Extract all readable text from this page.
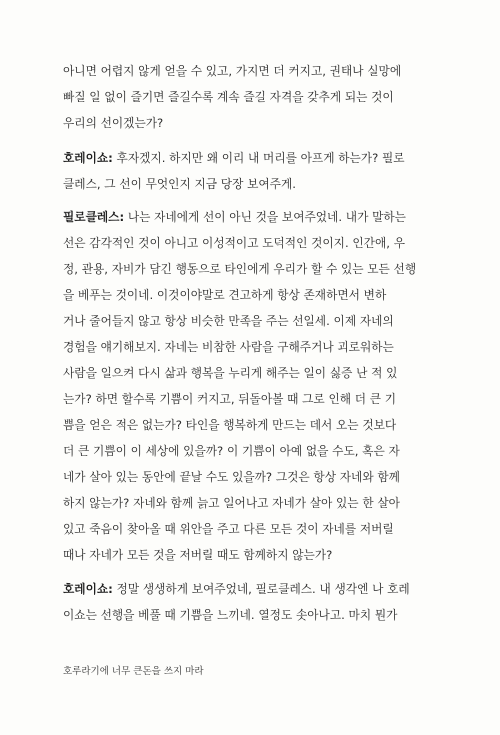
아니면 어렵지 않게 얻을 수 있고, 가지면 더 커지고, 권태나 실망에
빠질 일 없이 즐기면 즐길수록 계속 즐길 자격을 갖추게 되는 것이
우리의 선이겠는가?
호레이쇼: 후자겠지. 하지만 왜 이리 내 머리를 아프게 하는가? 필로
클레스, 그 선이 무엇인지 지금 당장 보여주게.
필로클레스: 나는 자네에게 선이 아닌 것을 보여주었네. 내가 말하는
선은 감각적인 것이 아니고 이성적이고 도덕적인 것이지. 인간애, 우
정, 관용, 자비가 담긴 행동으로 타인에게 우리가 할 수 있는 모든 선행
을 베푸는 것이네. 이것이야말로 견고하게 항상 존재하면서 변하
거나 줄어들지 않고 항상 비슷한 만족을 주는 선일세. 이제 자네의
경험을 얘기해보지. 자네는 비참한 사람을 구해주거나 괴로워하는
사람을 일으켜 다시 삶과 행복을 누리게 해주는 일이 싫증 난 적 있
는가? 하면 할수록 기쁨이 커지고, 뒤돌아볼 때 그로 인해 더 큰 기
쁨을 얻은 적은 없는가? 타인을 행복하게 만드는 데서 오는 것보다
더 큰 기쁨이 이 세상에 있을까? 이 기쁨이 아예 없을 수도, 혹은 자
네가 살아 있는 동안에 끝날 수도 있을까? 그것은 항상 자네와 함께
하지 않는가? 자네와 함께 늙고 일어나고 자네가 살아 있는 한 살아
있고 죽음이 찾아올 때 위안을 주고 다른 모든 것이 자네를 저버릴
때나 자네가 모든 것을 저버릴 때도 함께하지 않는가?
호레이쇼: 정말 생생하게 보여주었네, 필로클레스. 내 생각엔 나 호레
이쇼는 선행을 베풀 때 기쁨을 느끼네. 열정도 솟아나고. 마치 뭔가
호루라기에 너무 큰돈을 쓰지 마라
